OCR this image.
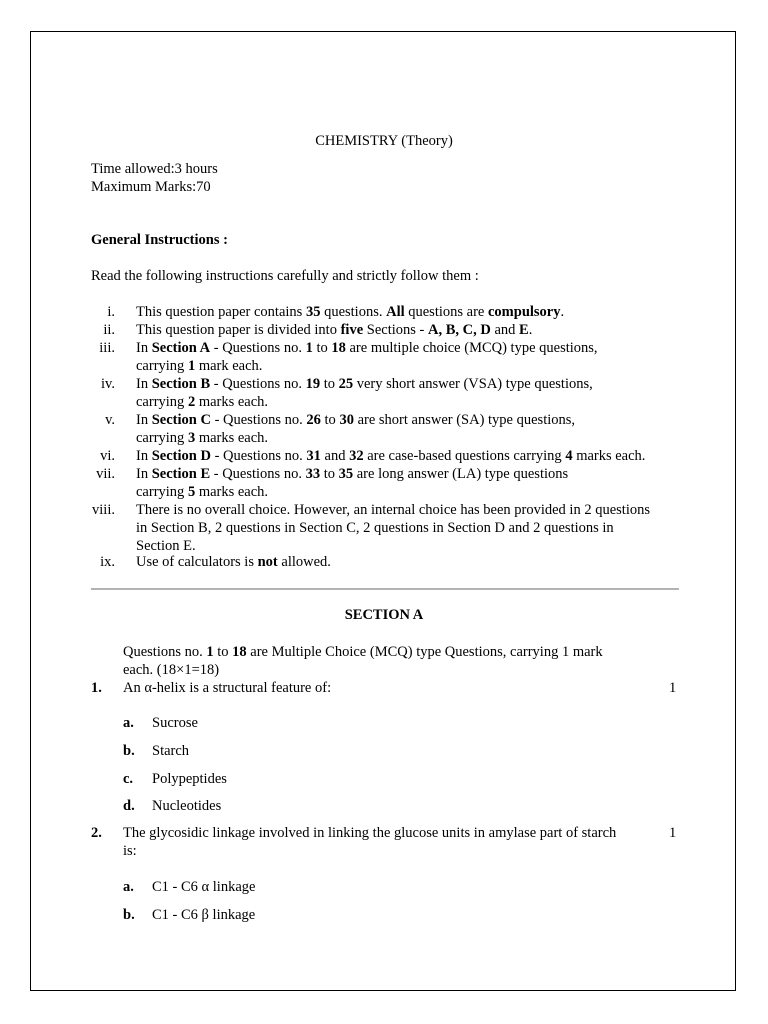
CHEMISTRY (Theory)
Time allowed:3 hours
Maximum Marks:70
General Instructions :
Read the following instructions carefully and strictly follow them :
i. This question paper contains 35 questions. All questions are compulsory.
ii. This question paper is divided into five Sections - A, B, C, D and E.
iii. In Section A - Questions no. 1 to 18 are multiple choice (MCQ) type questions,
carrying 1 mark each.
iv. In Section B - Questions no. 19 to 25 very short answer (VSA) type questions,
carrying 2 marks each.
v. In Section C - Questions no. 26 to 30 are short answer (SA) type questions,
carrying 3 marks each.
vi. In Section D - Questions no. 31 and 32 are case-based questions carrying 4 marks each.
vii. In Section E - Questions no. 33 to 35 are long answer (LA) type questions
carrying 5 marks each.
viii. There is no overall choice. However, an internal choice has been provided in 2 questions
in Section B, 2 questions in Section C, 2 questions in Section D and 2 questions in
Section E.
ix. Use of calculators is not allowed.
SECTION A
Questions no. 1 to 18 are Multiple Choice (MCQ) type Questions, carrying 1 mark
each. (18×1=18)
1. An α-helix is a structural feature of:	1
a. Sucrose
b. Starch
c. Polypeptides
d. Nucleotides
2. The glycosidic linkage involved in linking the glucose units in amylase part of starch
is:
1
a. C1 - C6 α linkage
b. C1 - C6 β linkage
